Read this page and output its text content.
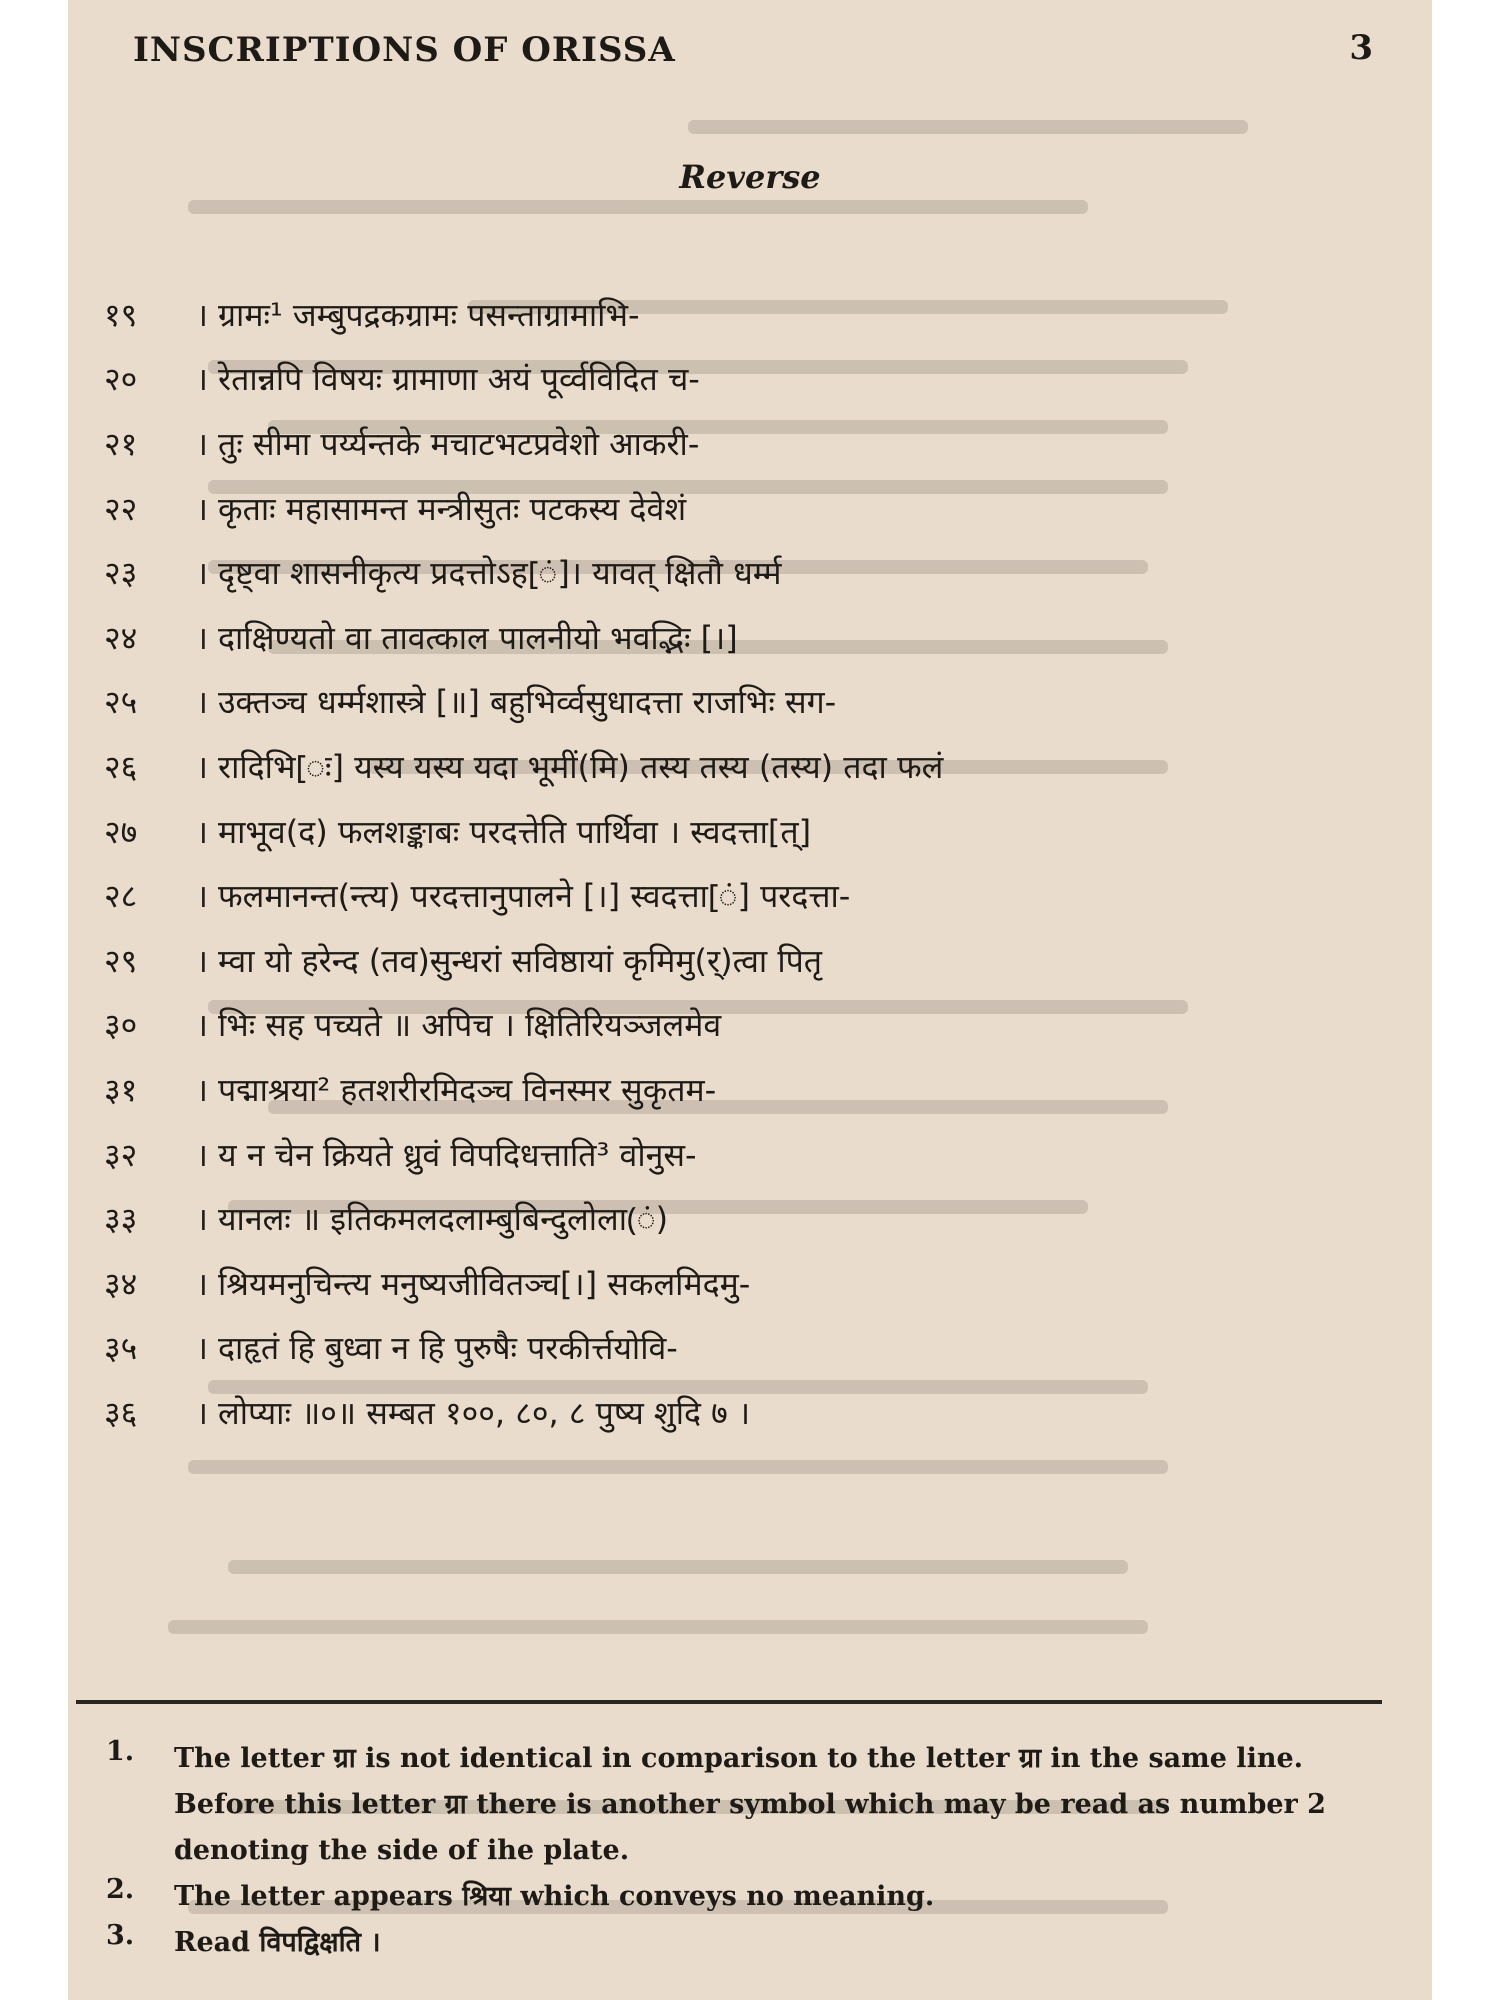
INSCRIPTIONS OF ORISSA	3
Reverse
१९	। ग्रामः¹ जम्बुपद्रकग्रामः पसन्ताग्रामाभि-
२०	। रेतान्नपि विषयः ग्रामाणा अयं पूर्व्वविदित च-
२१	। तुः सीमा पर्य्यन्तके मचाटभटप्रवेशो आकरी-
२२	। कृताः महासामन्त मन्त्रीसुतः पटकस्य देवेशं
२३	। दृष्ट्वा शासनीकृत्य प्रदत्तोऽह[ं]। यावत् क्षितौ धर्म्म
२४	। दाक्षिण्यतो वा तावत्काल पालनीयो भवद्भिः [।]
२५	। उक्तञ्च धर्म्मशास्त्रे [॥] बहुभिर्व्वसुधादत्ता राजभिः सग-
२६	। रादिभि[ः] यस्य यस्य यदा भूमीं(मि) तस्य तस्य (तस्य) तदा फलं
२७	। माभूव(द) फलशङ्काबः परदत्तेति पार्थिवा । स्वदत्ता[त्]
२८	। फलमानन्त(न्त्य) परदत्तानुपालने [।] स्वदत्ता[ं] परदत्ता-
२९	। म्वा यो हरेन्द (तव)सुन्धरां सविष्ठायां कृमिमु(र्)त्वा पितृ
३०	। भिः सह पच्यते ॥ अपिच । क्षितिरियञ्जलमेव
३१	। पद्माश्रया² हतशरीरमिदञ्च विनस्मर सुकृतम-
३२	। य न चेन क्रियते ध्रुवं विपदिधत्ताति³ वोनुस-
३३	। यानलः ॥ इतिकमलदलाम्बुबिन्दुलोला(ं)
३४	। श्रियमनुचिन्त्य मनुष्यजीवितञ्च[।] सकलमिदमु-
३५	। दाहृतं हि बुध्वा न हि पुरुषैः परकीर्त्तयोवि-
३६	। लोप्याः ॥०॥ सम्बत १००, ८०, ८ पुष्य शुदि ७ ।
1. The letter ग्रा is not identical in comparison to the letter ग्रा in the same line. Before this letter ग्रा there is another symbol which may be read as number 2 denoting the side of ihe plate.
2. The letter appears श्रिया which conveys no meaning.
3. Read विपद्विक्षति ।
